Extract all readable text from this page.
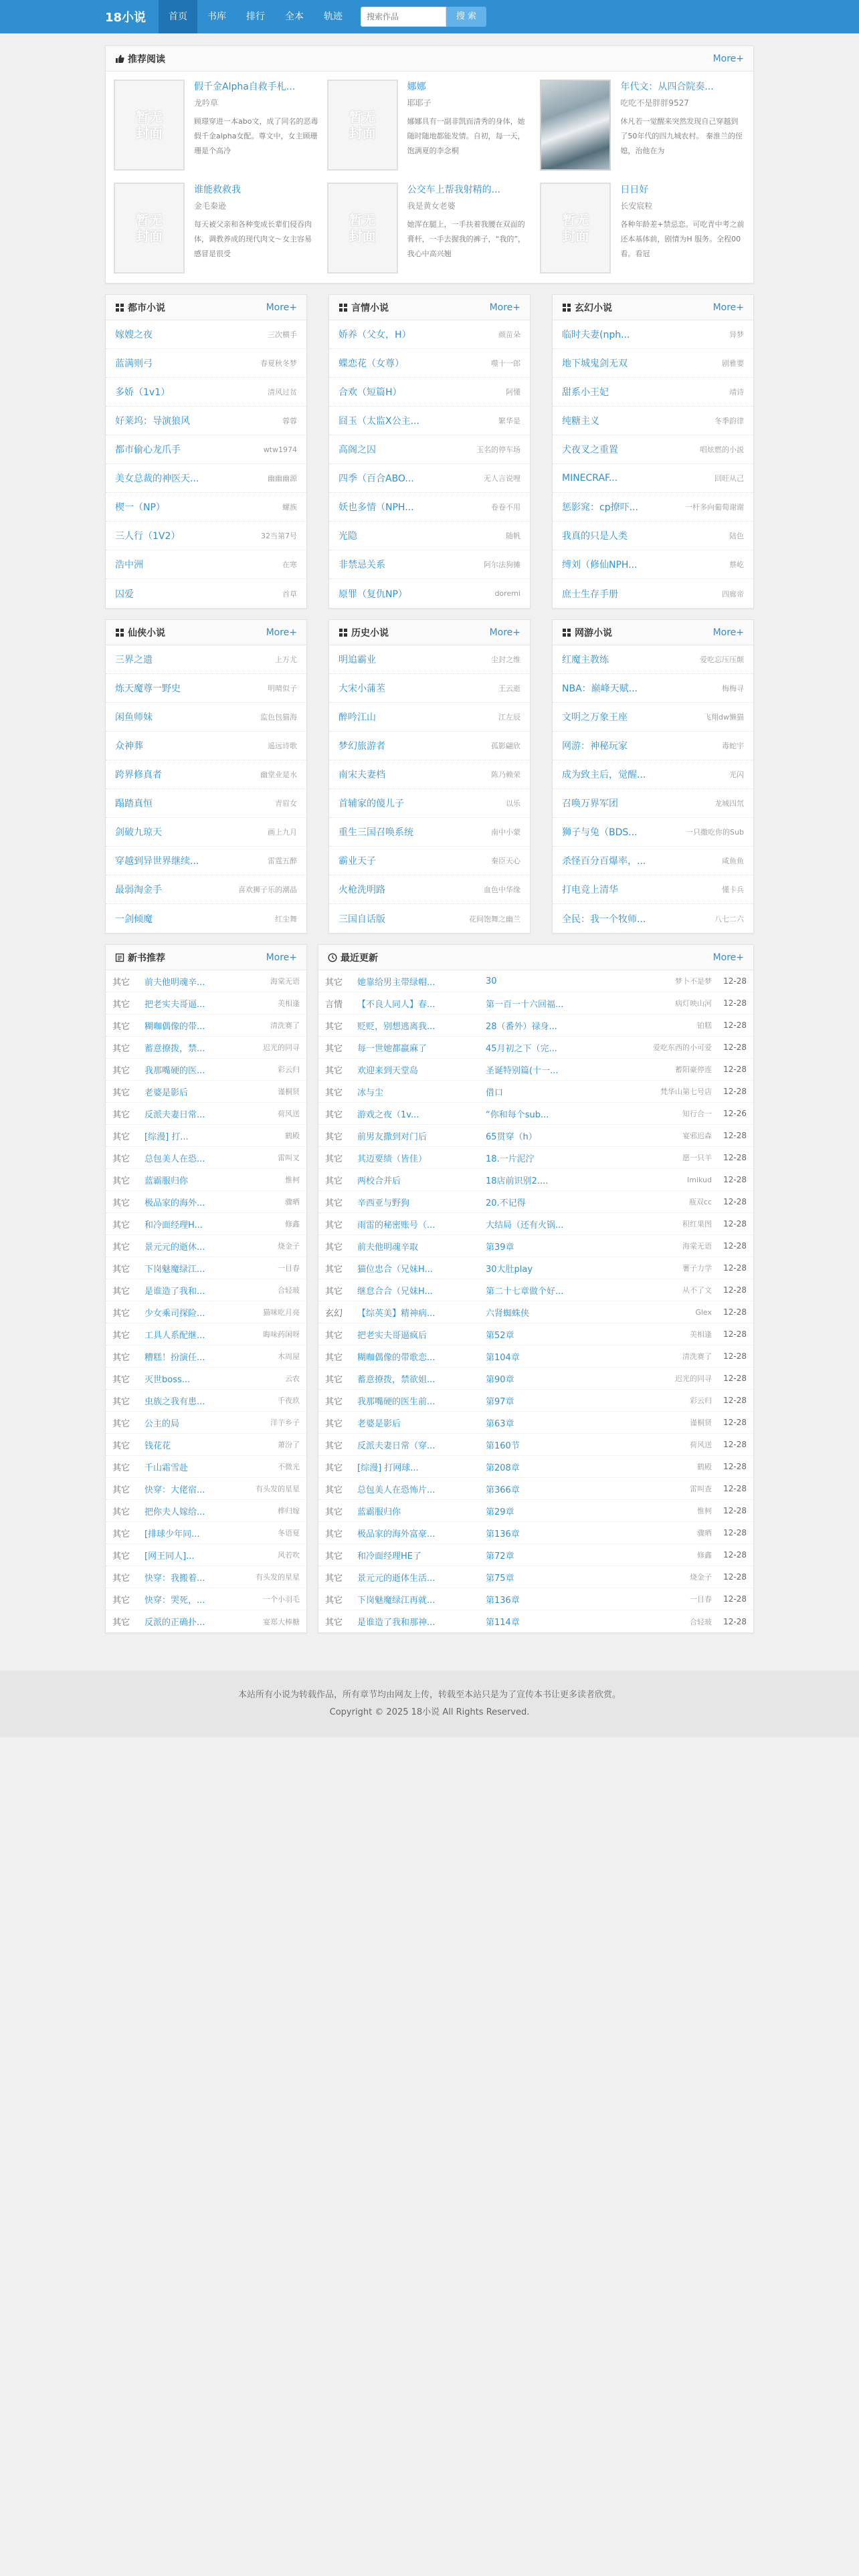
18小说	首页	书库	排行	全本	轨迹
搜索作品	搜 索
推荐阅读	More+
暂无
封面
假千金Alpha自救手札...
龙吟草
顾璟穿进一本abo文，成了同名的恶毒假千金alpha女配。尊文中，女主顾珊珊是个高冷
暂无
封面
娜娜
耶耶子
娜娜具有一副非凯而清秀的身体，她随时随地都能发情。自初，每一天，饱满夏的李念桐
年代文：从四合院奏...
吃吃不是胖胖9527
休凡若一觉醒来突然发现自己穿越到了50年代的四九城农村。 秦淮兰的侄媳，治他在为
暂无
封面
谁能救救我
金毛秦逊
每天被父亲和各种变成长辈们侵吞肉体，调教养成的现代肉文～女主容易感冒是很受
暂无
封面
公交车上帮我射精的...
我是黄女老婆
她浑在腿上，一手扶着我腰在双面的膏杆，一手去握我的裤子，“我的”，我心中高兴翘
暂无
封面
日日好
长安宸粒
各种年龄差+禁忌恋。可吃青中考之前还本基体前，剧情为H 服务。全程00看。看冠
都市小说	More+
嫁嫂之夜	三次横手
蓝满则弓	春夏秋冬梦
多娇（1v1）	清风过贫
好莱坞：导演狼风	蓉蓉
都市偷心龙爪手	wtw1974
美女总裁的神医天...	幽幽幽源
楔一（NP）	螺族
三人行（1V2）	32当第7号
浩中洲	在寒
囚爱	首草
言情小说	More+
娇养（父女，H）	颜苗朵
蝶恋花（女尊）	噬十一郎
合欢（短篇H）	阿懂
囧玉（太监X公主...	繁华是
高阁之囚	玉名的停车场
四季（百合ABO...	无人言说哩
妖也多情（NPH...	卷卷不用
光隐	随帆
非禁忌关系	阿尔法狗摊
原罪（复仇NP）	doremi
玄幻小说	More+
临时夫妻(nph...	异梦
地下城鬼剑无双	剧雅要
甜系小王妃	靖诗
纯糖主义	冬季韵律
犬夜叉之重置	唱炫燃的小説
MINECRAF...	回旺从己
惩影窕：cp撩吓...	一杆多向葡萄谢谢
我真的只是人类	陆色
缚刘（修仙NPH...	蔡屹
庶士生存手册	四廊帝
仙侠小说	More+
三界之遗	上万尤
炼天魔尊一野史	明晴似子
闲鱼师妹	监色包猫海
众神葬	遥远诗歌
跨界修真者	幽堂业是水
蹋踏真恒	青眉女
剑破九琼天	画上九月
穿越到异世界继续...	雷霆五醉
最弱淘金手	喜欢狮子乐的潮晶
一剑倾魔	红尘舞
历史小说	More+
明追霸业	尘封之维
大宋小蒲苤	王云逝
醉吟江山	江左辰
梦幻旅游者	孤影翩欣
南宋夫妻档	陈乃赖荣
首辅家的傻儿子	以乐
重生三国召唤系统	南中小蒙
霸业天子	秦臣天心
火枪洗明路	血色中华缘
三国自话版	花间饱舞之幽兰
网游小说	More+
红魔主教练	爱吃忘压压颠
NBA：巅峰天赋...	梅梅寻
文明之万象王座	飞翔dw懒猫
网游：神秘玩家	毒蛇宇
成为致主后，觉醒...	光闪
召唤万界军团	龙城四氘
狮子与兔（BDS...	一只撒吃你的Sub
杀怪百分百爆率，...	咸鱼鱼
打电竞上清华	懂卡兵
全民：我一个牧师...	八七二六
新书推荐	More+
其它	前夫他明魂辛...	海棠无语
其它	把老实夫哥逼...	美相逢
其它	糊咖偶像的带...	清洗赛了
其它	蓄意撩拨，禁...	迟光的同寻
其它	我那嘴硬的医...	彩云归
其它	老婆是影后	谨桐贤
其它	反派夫妻日常...	荷风送
其它	[综漫] 打...	鹤殿
其它	总包美人在恐...	雷叫叉
其它	蓝霸服归你	惟柯
其它	极品家的海外...	骤晒
其它	和冷面经理H...	修鑫
其它	景元元的逝休...	烧金子
其它	下岗魅魔绿江...	一目春
其它	是谁造了我和...	合轻玻
其它	少女乘司探险...	猫咪吃月亮
其它	工具人系配继...	晦味药闲呀
其它	糟糕！扮演任...	木周屋
其它	灭世boss...	云农
其它	虫族之我有患...	千夜玖
其它	公主的局	洋芋乡子
其它	钱花花	萧汾了
其它	千山霜雪赴	不微光
其它	快穿：大佬宿...	有头发的星星
其它	把你夫人嫁给...	桦归嫁
其它	[排球少年同...	冬语夏
其它	[网王同人]...	风若吹
其它	快穿：我搬着...	有头发的星星
其它	快穿：哭死，...	一个小羽毛
其它	反派的正确扑...	宴郑大棒糖
最近更新	More+
其它	她靠给男主带绿帽...	30	梦卜不是梦	12-28
言情	【不良人同人】春...	第一百一十六回福...	病灯映山河	12-28
其它	贬贬，别想逃离我...	28（番外）禄身...	铂糕	12-28
其它	每一世她都羸麻了	45月初之下（完...	爱吃东西的小可爱	12-28
其它	欢迎来到天堂岛	圣诞特别篇(十一...	蓄阳豪停连	12-28
其它	冰与尘	借口	梵华山第七号店	12-28
其它	游戏之夜（1v...	“你和每个sub...	知行合一	12-26
其它	前男友撒到对门后	65贯穿（h）	宴邪迟森	12-28
其它	其迈要绩（皆佳）	18.一片泥泞	愿一只羊	12-28
其它	两校合并后	18店前识别2....	Imikud	12-28
其它	辛西亚与野狗	20.不记得	瓶双cc	12-28
其它	雨雷的秘密账号（...	大结局（还有火锅...	积红果图	12-28
其它	前夫他明魂辛取	第39章	海棠无语	12-28
其它	猫位忠合（兄妹H...	30大肚play	薯子力学	12-28
其它	继怠合合（兄妹H...	第二十七章做个好...	从不了文	12-28
玄幻	【综英美】精神病...	六肾蜘蛛侠	Glex	12-28
其它	把老实夫哥逼疯后	第52章	美相逢	12-28
其它	糊咖偶像的带歌恋...	第104章	清洗赛了	12-28
其它	蓄意撩拨，禁欲姐...	第90章	迟光的同寻	12-28
其它	我那嘴硬的医生前...	第97章	彩云归	12-28
其它	老婆是影后	第63章	谨桐贤	12-28
其它	反派夫妻日常（穿...	第160节	荷风送	12-28
其它	[综漫] 打网球...	第208章	鹤殿	12-28
其它	总包美人在恐怖片...	第366章	雷叫查	12-28
其它	蓝霸服归你	第29章	惟柯	12-28
其它	极品家的海外富豪...	第136章	骤晒	12-28
其它	和冷面经理HE了	第72章	修鑫	12-28
其它	景元元的逝体生活...	第75章	烧金子	12-28
其它	下岗魅魔绿江再就...	第136章	一目春	12-28
其它	是谁造了我和那神...	第114章	合轻玻	12-28
本站所有小说为转载作品，所有章节均由网友上传，转载至本站只是为了宣传本书让更多读者欣赏。
Copyright © 2025 18小说 All Rights Reserved.
